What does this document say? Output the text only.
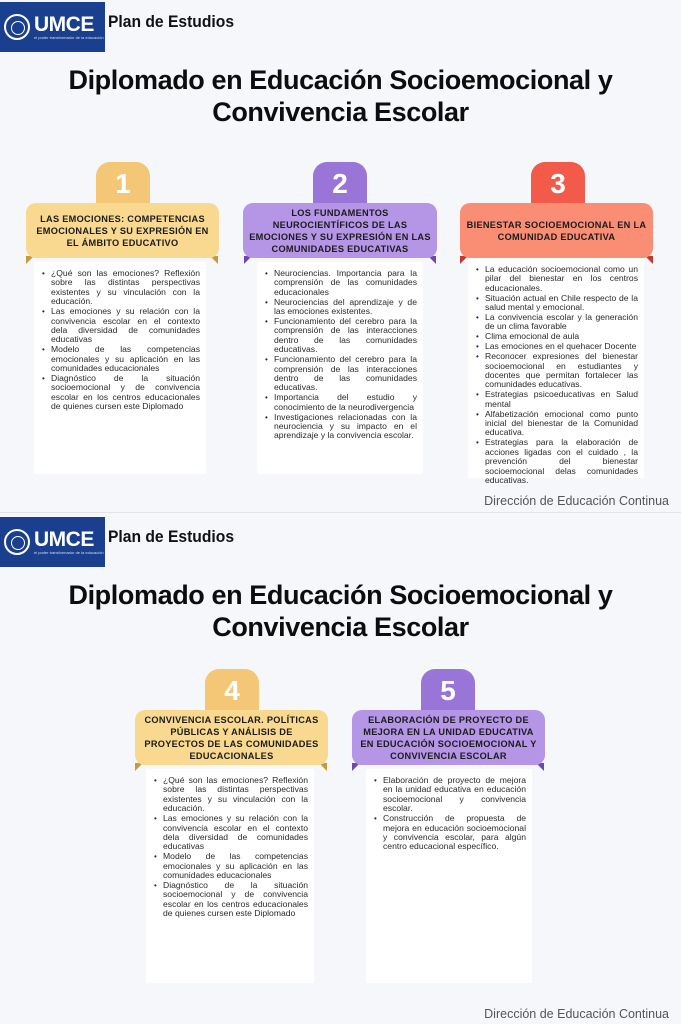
UMCE
el poder transformador de la educación
Plan de Estudios
Diplomado en Educación Socioemocional y Convivencia Escolar
1
LAS EMOCIONES: COMPETENCIAS EMOCIONALES Y SU EXPRESIÓN EN EL ÁMBITO EDUCATIVO
• ¿Qué son las emociones? Reflexión sobre las distintas perspectivas existentes y su vinculación con la educación.
• Las emociones y su relación con la convivencia escolar en el contexto dela diversidad de comunidades educativas
• Modelo de las competencias emocionales y su aplicación en las comunidades educacionales
• Diagnóstico de la situación socioemocional y de convivencia escolar en los centros educacionales de quienes cursen este Diplomado
2
LOS FUNDAMENTOS NEUROCIENTÍFICOS DE LAS EMOCIONES Y SU EXPRESIÓN EN LAS COMUNIDADES EDUCATIVAS
• Neurociencias. Importancia para la comprensión de las comunidades educacionales
• Neurociencias del aprendizaje y de las emociones existentes.
• Funcionamiento del cerebro para la comprensión de las interacciones dentro de las comunidades educativas.
• Funcionamiento del cerebro para la comprensión de las interacciones dentro de las comunidades educativas.
• Importancia del estudio y conocimiento de la neurodivergencia
• Investigaciones relacionadas con la neurociencia y su impacto en el aprendizaje y la convivencia escolar.
3
BIENESTAR SOCIOEMOCIONAL EN LA COMUNIDAD EDUCATIVA
• La educación socioemocional como un pilar del bienestar en los centros educacionales.
• Situación actual en Chile respecto de la salud mental y emocional.
• La convivencia escolar y la generación de un clima favorable
• Clima emocional de aula
• Las emociones en el quehacer Docente
• Reconocer expresiones del bienestar socioemocional en estudiantes y docentes que permitan fortalecer las comunidades educativas.
• Estrategias psicoeducativas en Salud mental
• Alfabetización emocional como punto inicial del bienestar de la Comunidad educativa.
• Estrategias para la elaboración de acciones ligadas con el cuidado , la prevención del bienestar socioemocional delas comunidades educativas.
Dirección de Educación Continua
UMCE
el poder transformador de la educación
Plan de Estudios
Diplomado en Educación Socioemocional y Convivencia Escolar
4
CONVIVENCIA ESCOLAR. POLÍTICAS PÚBLICAS Y ANÁLISIS DE PROYECTOS DE LAS COMUNIDADES EDUCACIONALES
• ¿Qué son las emociones? Reflexión sobre las distintas perspectivas existentes y su vinculación con la educación.
• Las emociones y su relación con la convivencia escolar en el contexto dela diversidad de comunidades educativas
• Modelo de las competencias emocionales y su aplicación en las comunidades educacionales
• Diagnóstico de la situación socioemocional y de convivencia escolar en los centros educacionales de quienes cursen este Diplomado
5
ELABORACIÓN DE PROYECTO DE MEJORA EN LA UNIDAD EDUCATIVA EN EDUCACIÓN SOCIOEMOCIONAL Y CONVIVENCIA ESCOLAR
• Elaboración de proyecto de mejora en la unidad educativa en educación socioemocional y convivencia escolar.
• Construcción de propuesta de mejora en educación socioemocional y convivencia escolar, para algún centro educacional específico.
Dirección de Educación Continua
